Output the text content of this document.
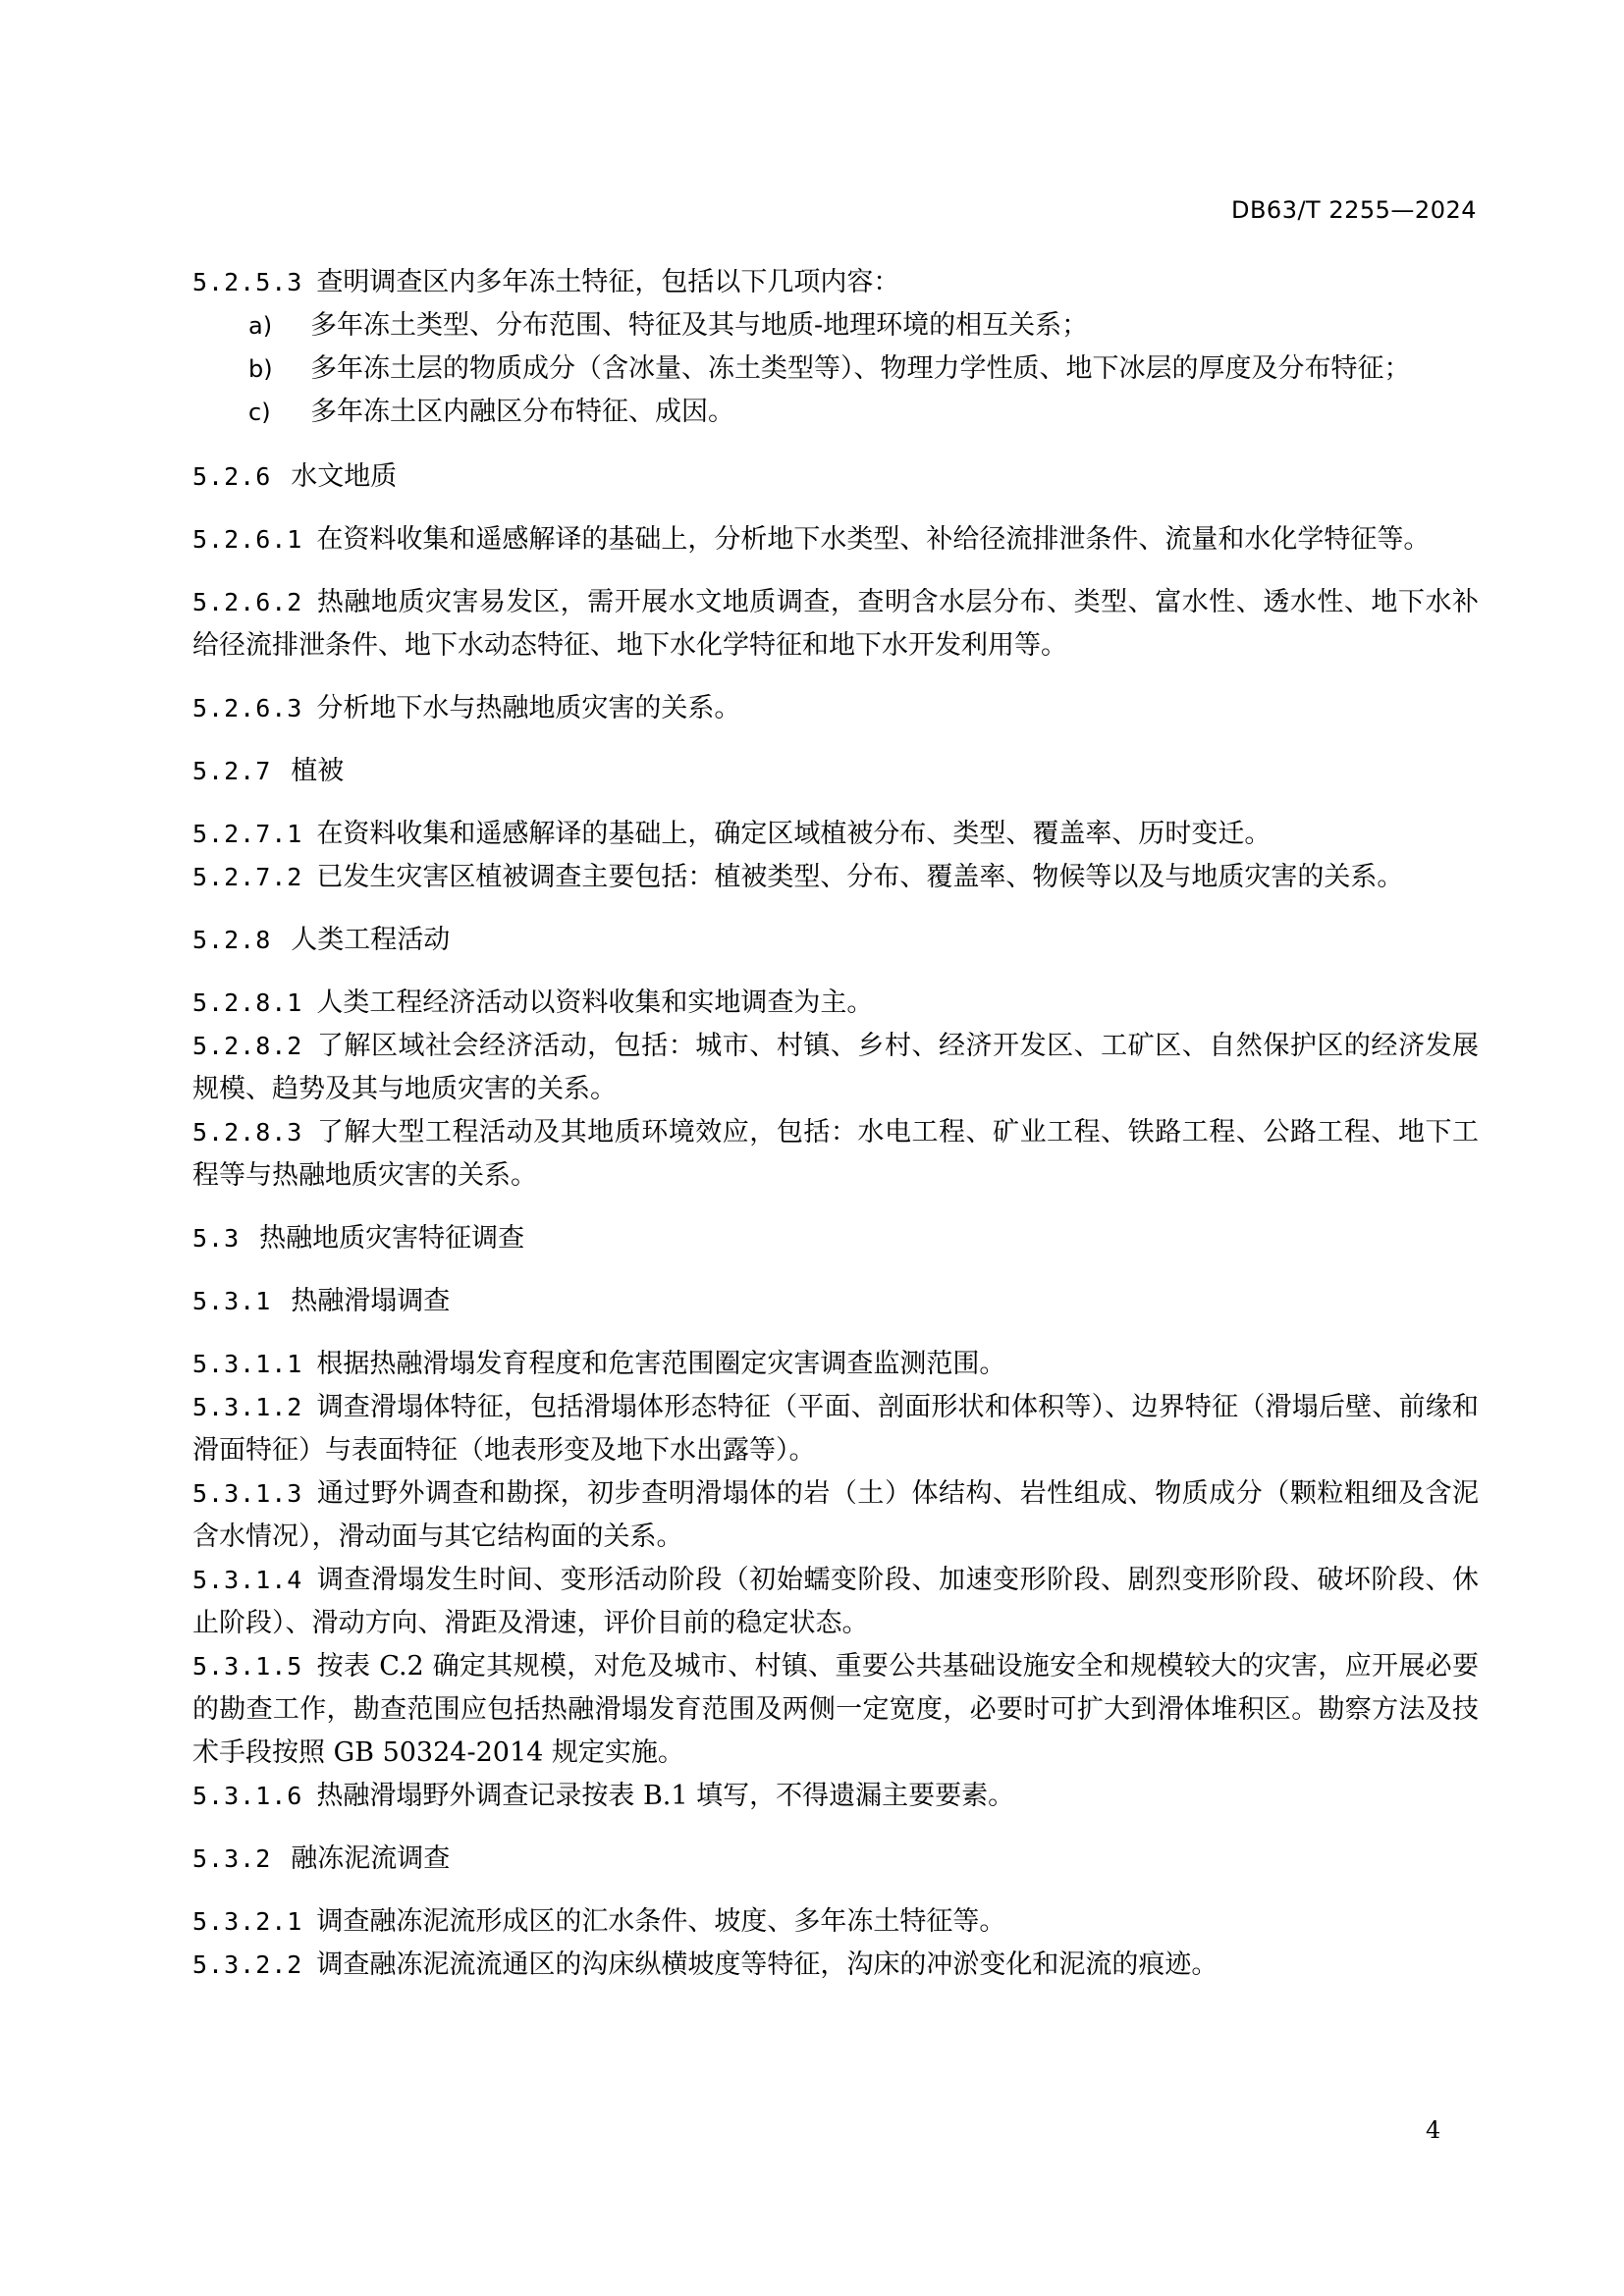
DB63/T 2255—2024

5.2.5.3 查明调查区内多年冻土特征，包括以下几项内容：

a) 多年冻土类型、分布范围、特征及其与地质-地理环境的相互关系；

b) 多年冻土层的物质成分（含冰量、冻土类型等）、物理力学性质、地下冰层的厚度及分布特征；

c) 多年冻土区内融区分布特征、成因。

5.2.6 水文地质

5.2.6.1 在资料收集和遥感解译的基础上，分析地下水类型、补给径流排泄条件、流量和水化学特征等。

5.2.6.2 热融地质灾害易发区，需开展水文地质调查，查明含水层分布、类型、富水性、透水性、地下水补给径流排泄条件、地下水动态特征、地下水化学特征和地下水开发利用等。

5.2.6.3 分析地下水与热融地质灾害的关系。

5.2.7 植被

5.2.7.1 在资料收集和遥感解译的基础上，确定区域植被分布、类型、覆盖率、历时变迁。

5.2.7.2 已发生灾害区植被调查主要包括：植被类型、分布、覆盖率、物候等以及与地质灾害的关系。

5.2.8 人类工程活动

5.2.8.1 人类工程经济活动以资料收集和实地调查为主。

5.2.8.2 了解区域社会经济活动，包括：城市、村镇、乡村、经济开发区、工矿区、自然保护区的经济发展规模、趋势及其与地质灾害的关系。

5.2.8.3 了解大型工程活动及其地质环境效应，包括：水电工程、矿业工程、铁路工程、公路工程、地下工程等与热融地质灾害的关系。

5.3 热融地质灾害特征调查

5.3.1 热融滑塌调查

5.3.1.1 根据热融滑塌发育程度和危害范围圈定灾害调查监测范围。

5.3.1.2 调查滑塌体特征，包括滑塌体形态特征（平面、剖面形状和体积等）、边界特征（滑塌后壁、前缘和滑面特征）与表面特征（地表形变及地下水出露等）。

5.3.1.3 通过野外调查和勘探，初步查明滑塌体的岩（土）体结构、岩性组成、物质成分（颗粒粗细及含泥含水情况），滑动面与其它结构面的关系。

5.3.1.4 调查滑塌发生时间、变形活动阶段（初始蠕变阶段、加速变形阶段、剧烈变形阶段、破坏阶段、休止阶段）、滑动方向、滑距及滑速，评价目前的稳定状态。

5.3.1.5 按表 C.2 确定其规模，对危及城市、村镇、重要公共基础设施安全和规模较大的灾害，应开展必要的勘查工作，勘查范围应包括热融滑塌发育范围及两侧一定宽度，必要时可扩大到滑体堆积区。勘察方法及技术手段按照 GB 50324-2014 规定实施。

5.3.1.6 热融滑塌野外调查记录按表 B.1 填写，不得遗漏主要要素。

5.3.2 融冻泥流调查

5.3.2.1 调查融冻泥流形成区的汇水条件、坡度、多年冻土特征等。

5.3.2.2 调查融冻泥流流通区的沟床纵横坡度等特征，沟床的冲淤变化和泥流的痕迹。

4
